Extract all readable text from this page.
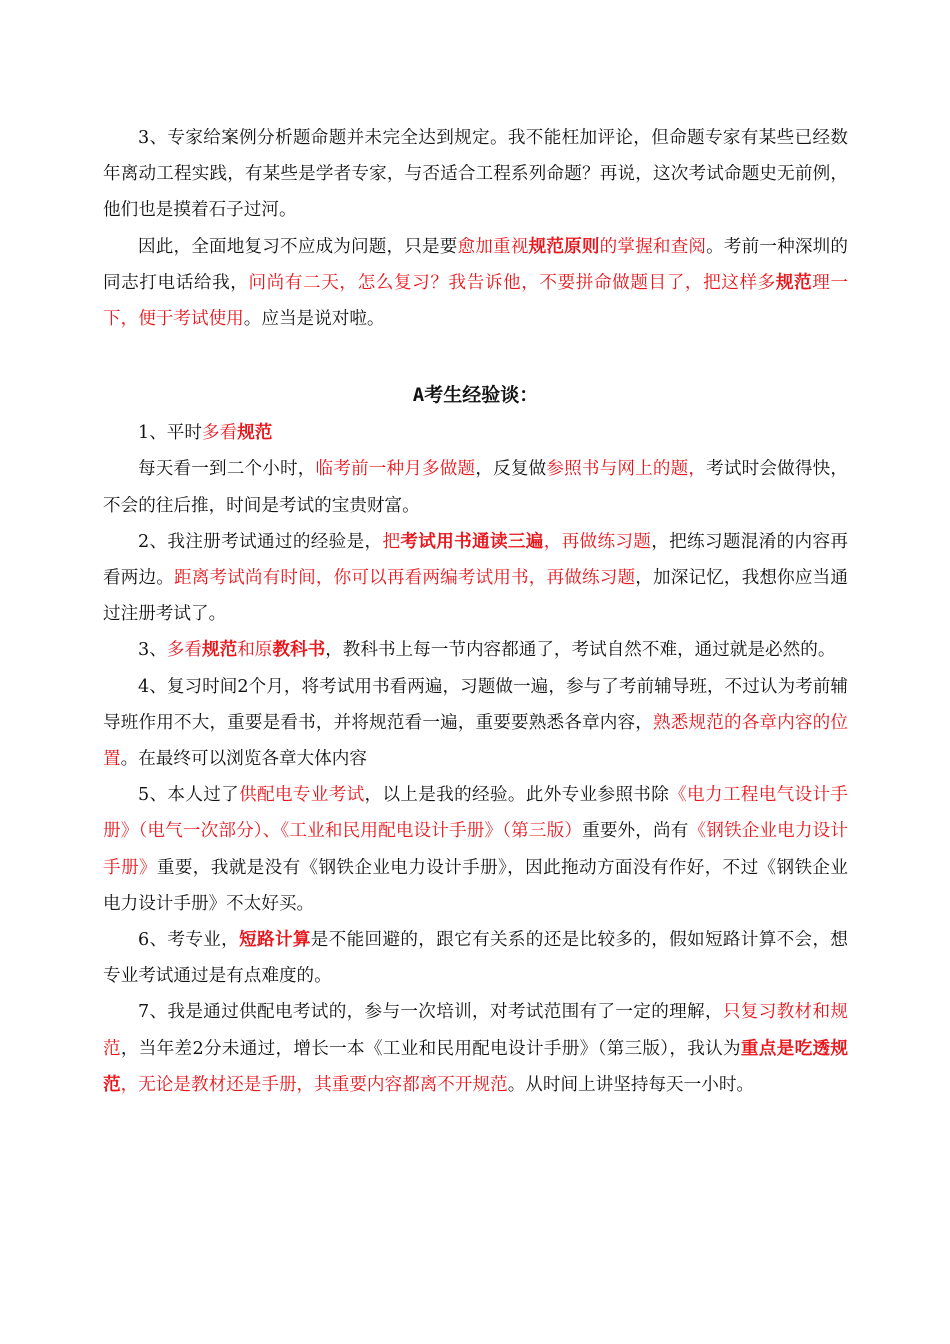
3、专家给案例分析题命题并未完全达到规定。我不能枉加评论，但命题专家有某些已经数年离动工程实践，有某些是学者专家，与否适合工程系列命题？再说，这次考试命题史无前例，他们也是摸着石子过河。

因此，全面地复习不应成为问题，只是要愈加重视规范原则的掌握和查阅。考前一种深圳的同志打电话给我，问尚有二天，怎么复习？我告诉他，不要拼命做题目了，把这样多规范理一下，便于考试使用。应当是说对啦。

A考生经验谈：

1、平时多看规范

每天看一到二个小时，临考前一种月多做题，反复做参照书与网上的题，考试时会做得快，不会的往后推，时间是考试的宝贵财富。

2、我注册考试通过的经验是，把考试用书通读三遍，再做练习题，把练习题混淆的内容再看两边。距离考试尚有时间，你可以再看两编考试用书，再做练习题，加深记忆，我想你应当通过注册考试了。

3、多看规范和原教科书，教科书上每一节内容都通了，考试自然不难，通过就是必然的。

4、复习时间2个月，将考试用书看两遍，习题做一遍，参与了考前辅导班，不过认为考前辅导班作用不大，重要是看书，并将规范看一遍，重要要熟悉各章内容，熟悉规范的各章内容的位置。在最终可以浏览各章大体内容

5、本人过了供配电专业考试，以上是我的经验。此外专业参照书除《电力工程电气设计手册》（电气一次部分）、《工业和民用配电设计手册》（第三版）重要外，尚有《钢铁企业电力设计手册》重要，我就是没有《钢铁企业电力设计手册》，因此拖动方面没有作好，不过《钢铁企业电力设计手册》不太好买。

6、考专业，短路计算是不能回避的，跟它有关系的还是比较多的，假如短路计算不会，想专业考试通过是有点难度的。

7、我是通过供配电考试的，参与一次培训，对考试范围有了一定的理解，只复习教材和规范，当年差2分未通过，增长一本《工业和民用配电设计手册》（第三版），我认为重点是吃透规范，无论是教材还是手册，其重要内容都离不开规范。从时间上讲坚持每天一小时。
